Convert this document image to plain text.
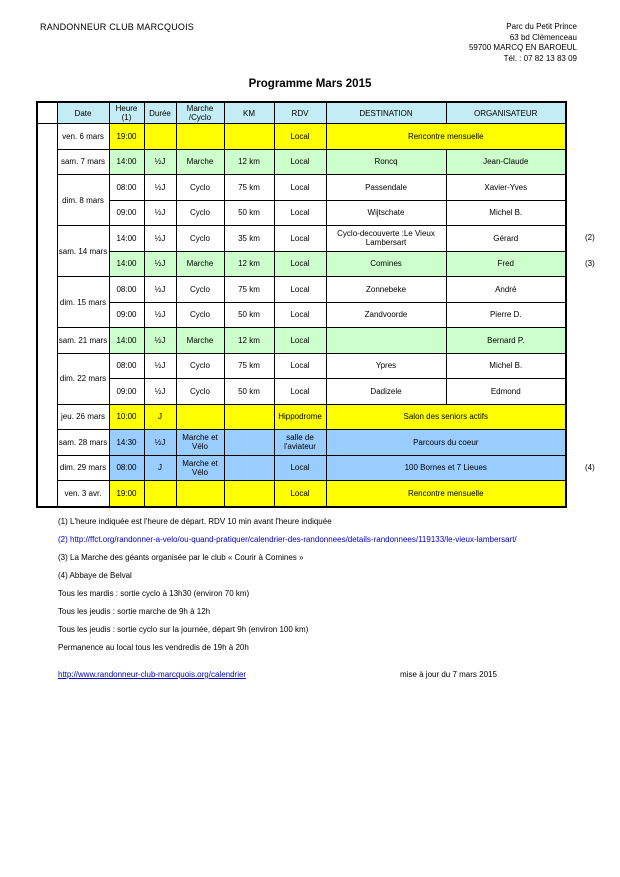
RANDONNEUR CLUB MARCQUOIS	Parc du Petit Prince
63 bd Clémenceau
59700 MARCQ EN BAROEUL
Tél. : 07 82 13 83 09
Programme Mars 2015
	Date	Heure (1)	Durée	Marche /Cyclo	KM	RDV	DESTINATION	ORGANISATEUR
	ven. 6 mars	19:00				Local	Rencontre mensuelle	
	sam. 7 mars	14:00	½J	Marche	12 km	Local	Roncq	Jean-Claude
	dim. 8 mars	08:00	½J	Cyclo	75 km	Local	Passendale	Xavier-Yves
		09:00	½J	Cyclo	50 km	Local	Wijtschate	Michel B.
	sam. 14 mars	14:00	½J	Cyclo	35 km	Local	Cyclo-decouverte :Le Vieux Lambersart	Gérard
		14:00	½J	Marche	12 km	Local	Comines	Fred
	dim. 15 mars	08:00	½J	Cyclo	75 km	Local	Zonnebeke	André
		09:00	½J	Cyclo	50 km	Local	Zandvoorde	Pierre D.
	sam. 21 mars	14:00	½J	Marche	12 km	Local		Bernard P.
	dim. 22 mars	08:00	½J	Cyclo	75 km	Local	Ypres	Michel B.
		09:00	½J	Cyclo	50 km	Local	Dadizele	Edmond
	jeu. 26 mars	10:00	J			Hippodrome	Salon des seniors actifs	
	sam. 28 mars	14:30	½J	Marche et Vélo		salle de l'aviateur	Parcours du coeur	
	dim. 29 mars	08:00	J	Marche et Vélo		Local	100 Bornes et 7 Lieues	
	ven. 3 avr.	19:00				Local	Rencontre mensuelle	
(2)
(3)
(4)
(1) L'heure indiquée est l'heure de départ. RDV 10 min avant l'heure indiquée
(2) http://ffct.org/randonner-a-velo/ou-quand-pratiquer/calendrier-des-randonnees/details-randonnees/119133/le-vieux-lambersart/
(3) La Marche des géants organisée par le club « Courir à Comines »
(4) Abbaye de Belval
Tous les mardis : sortie cyclo à 13h30 (environ 70 km)
Tous les jeudis : sortie marche de 9h à 12h
Tous les jeudis : sortie cyclo sur la journée, départ 9h (environ 100 km)
Permanence au local tous les vendredis de 19h à 20h
http://www.randonneur-club-marcquois.org/calendrier	mise à jour du 7 mars 2015
